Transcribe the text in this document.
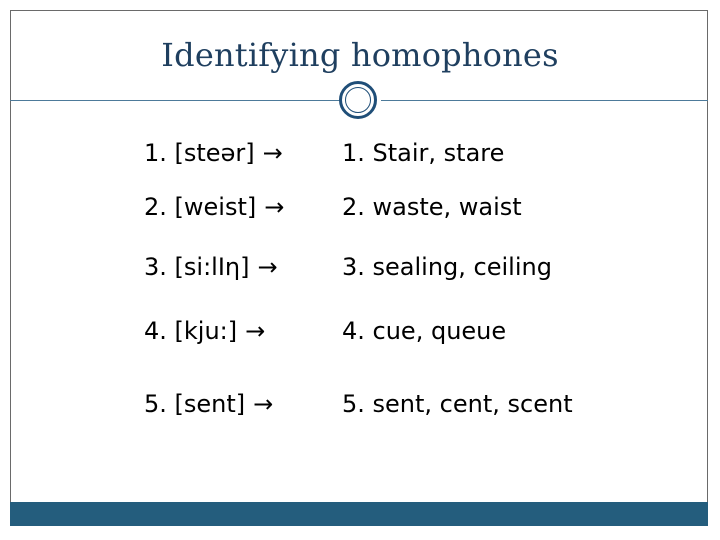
Identifying homophones
1. [steər] → 1. Stair, stare
2. [weist] → 2. waste, waist
3. [si:lIη] →	3. sealing, ceiling
4. [kju:] →	4. cue, queue
5. [sent] →	5. sent, cent, scent
